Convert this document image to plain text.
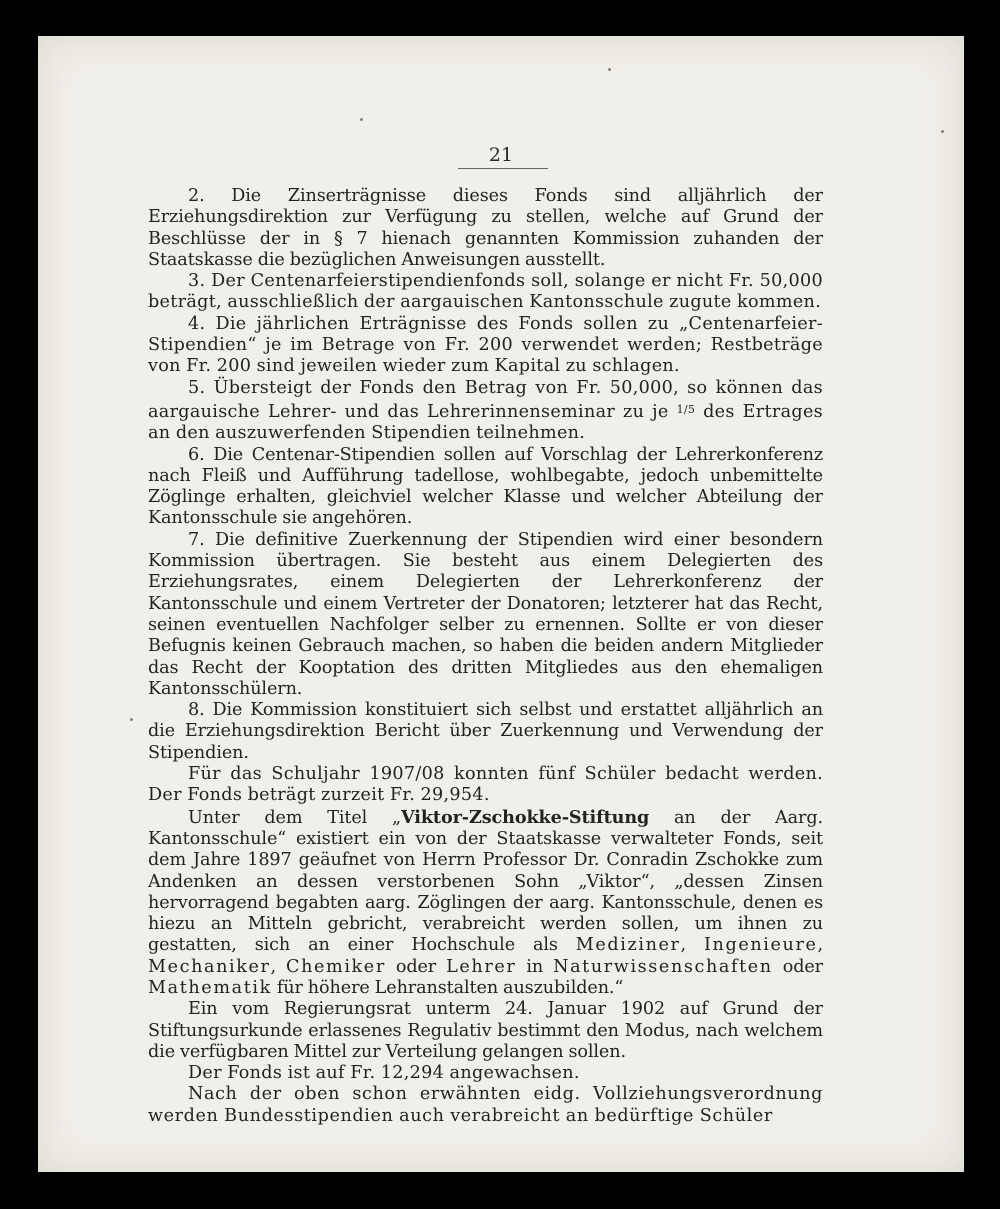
21

2. Die Zinserträgnisse dieses Fonds sind alljährlich der Erziehungsdirektion zur Verfügung zu stellen, welche auf Grund der Beschlüsse der in § 7 hienach genannten Kommission zuhanden der Staatskasse die bezüglichen Anweisungen ausstellt.

3. Der Centenarfeierstipendienfonds soll, solange er nicht Fr. 50,000 beträgt, ausschließlich der aargauischen Kantonsschule zugute kommen.

4. Die jährlichen Erträgnisse des Fonds sollen zu „Centenarfeier-Stipendien“ je im Betrage von Fr. 200 verwendet werden; Restbeträge von Fr. 200 sind jeweilen wieder zum Kapital zu schlagen.

5. Übersteigt der Fonds den Betrag von Fr. 50,000, so können das aargauische Lehrer- und das Lehrerinnenseminar zu je $^{1/5}$ des Ertrages an den auszuwerfenden Stipendien teilnehmen.

6. Die Centenar-Stipendien sollen auf Vorschlag der Lehrerkonferenz nach Fleiß und Aufführung tadellose, wohlbegabte, jedoch unbemittelte Zöglinge erhalten, gleichviel welcher Klasse und welcher Abteilung der Kantonsschule sie angehören.

7. Die definitive Zuerkennung der Stipendien wird einer besondern Kommission übertragen. Sie besteht aus einem Delegierten des Erziehungsrates, einem Delegierten der Lehrerkonferenz der Kantonsschule und einem Vertreter der Donatoren; letzterer hat das Recht, seinen eventuellen Nachfolger selber zu ernennen. Sollte er von dieser Befugnis keinen Gebrauch machen, so haben die beiden andern Mitglieder das Recht der Kooptation des dritten Mitgliedes aus den ehemaligen Kantonsschülern.

8. Die Kommission konstituiert sich selbst und erstattet alljährlich an die Erziehungsdirektion Bericht über Zuerkennung und Verwendung der Stipendien.

Für das Schuljahr 1907/08 konnten fünf Schüler bedacht werden. Der Fonds beträgt zurzeit Fr. 29,954.

Unter dem Titel „Viktor-Zschokke-Stiftung an der Aarg. Kantonsschule“ existiert ein von der Staatskasse verwalteter Fonds, seit dem Jahre 1897 geäufnet von Herrn Professor Dr. Conradin Zschokke zum Andenken an dessen verstorbenen Sohn „Viktor“, „dessen Zinsen hervorragend begabten aarg. Zöglingen der aarg. Kantonsschule, denen es hiezu an Mitteln gebricht, verabreicht werden sollen, um ihnen zu gestatten, sich an einer Hochschule als Mediziner, Ingenieure, Mechaniker, Chemiker oder Lehrer in Naturwissenschaften oder Mathematik für höhere Lehranstalten auszubilden.“

Ein vom Regierungsrat unterm 24. Januar 1902 auf Grund der Stiftungsurkunde erlassenes Regulativ bestimmt den Modus, nach welchem die verfügbaren Mittel zur Verteilung gelangen sollen.

Der Fonds ist auf Fr. 12,294 angewachsen.

Nach der oben schon erwähnten eidg. Vollziehungsverordnung werden Bundesstipendien auch verabreicht an bedürftige Schüler
